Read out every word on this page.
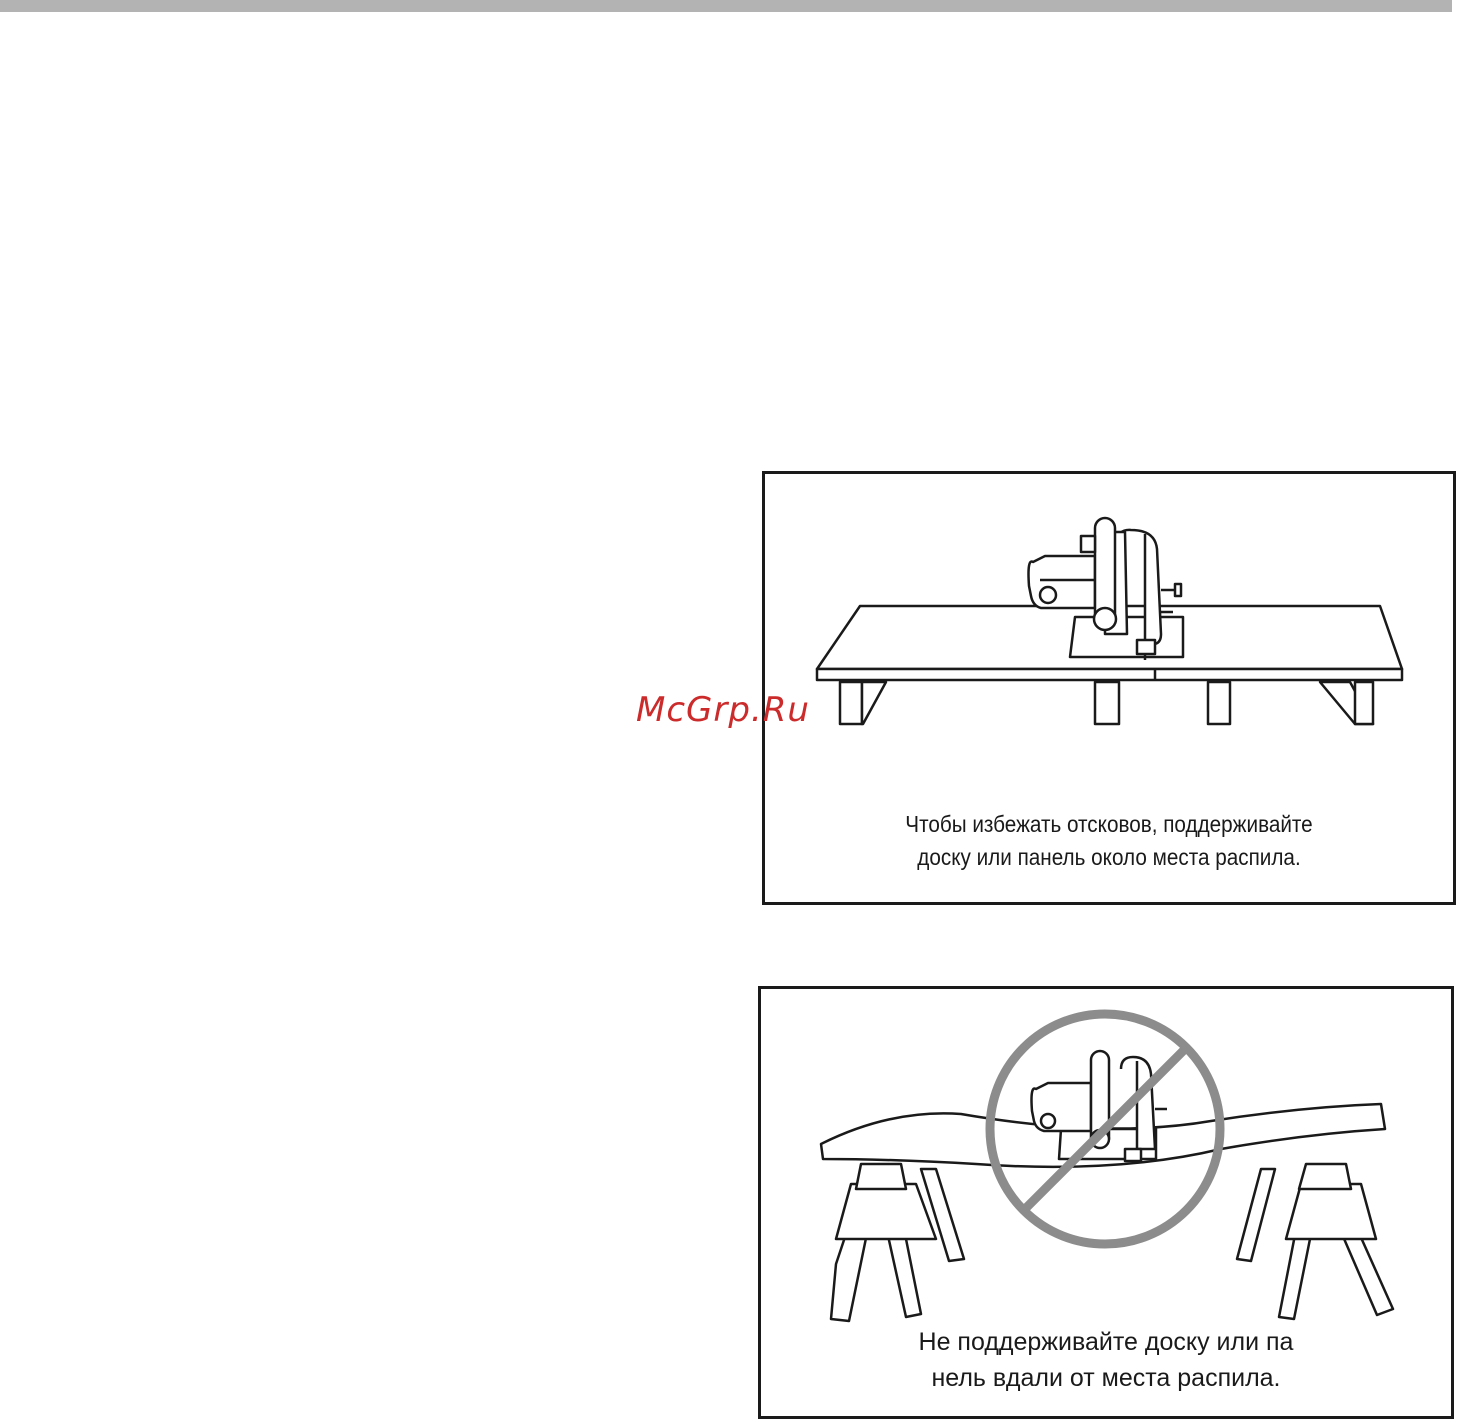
Чтобы избежать отсковов, поддерживайте
доску или панель около места распила.
Не поддерживайте доску или па
нель вдали от места распила.
McGrp.Ru
